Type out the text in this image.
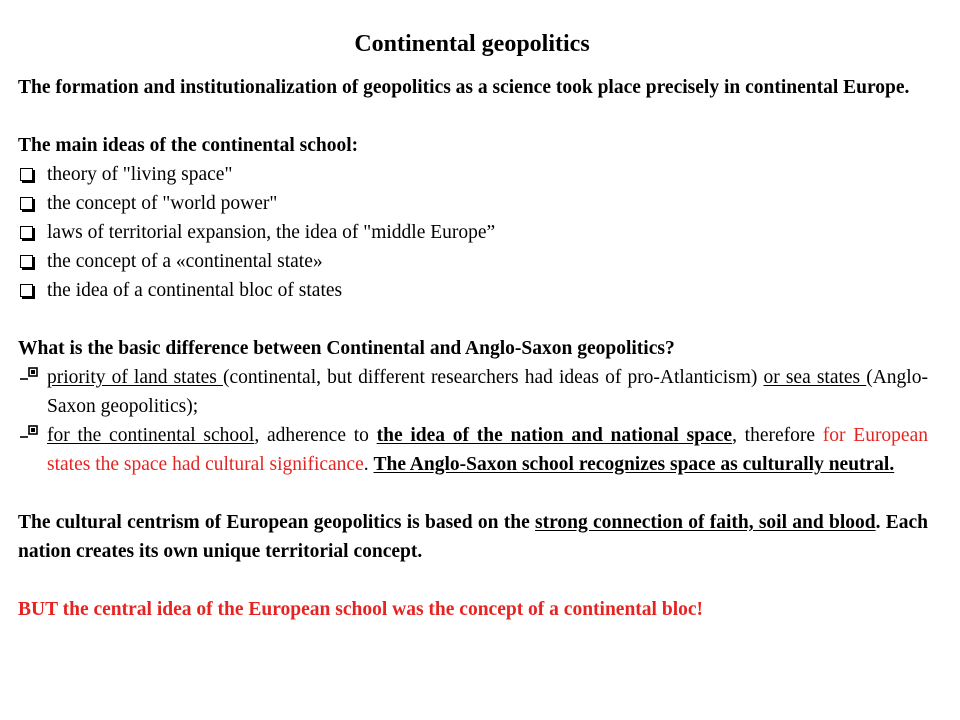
Continental geopolitics

The formation and institutionalization of geopolitics as a science took place precisely in continental Europe.

The main ideas of the continental school:

theory of "living space"
the concept of "world power"
laws of territorial expansion, the idea of "middle Europe”
the concept of a «continental state»
the idea of a continental bloc of states

What is the basic difference between Continental and Anglo-Saxon geopolitics?

priority of land states (continental, but different researchers had ideas of pro-Atlanticism) or sea states (Anglo-Saxon geopolitics);
for the continental school, adherence to the idea of the nation and national space, therefore for European states the space had cultural significance. The Anglo-Saxon school recognizes space as culturally neutral.

The cultural centrism of European geopolitics is based on the strong connection of faith, soil and blood. Each nation creates its own unique territorial concept.

BUT the central idea of the European school was the concept of a continental bloc!
